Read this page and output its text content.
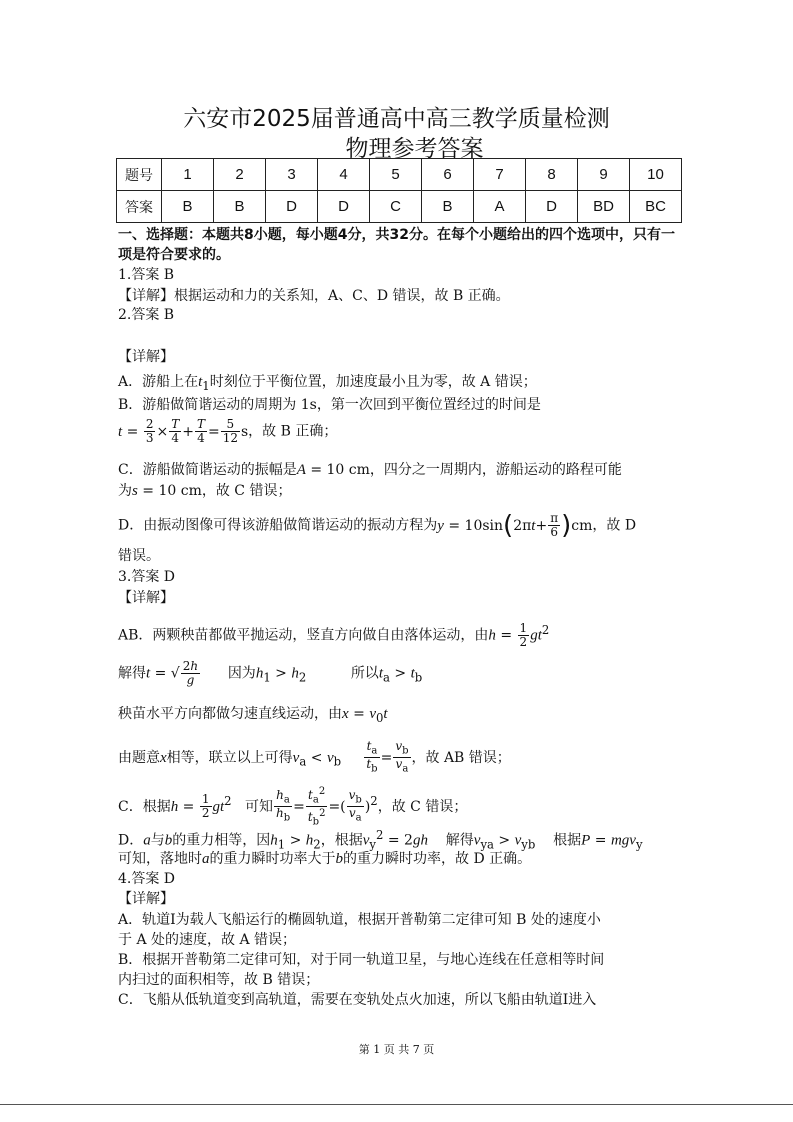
六安市2025届普通高中高三教学质量检测
物理参考答案
题号	1	2	3	4	5	6	7	8	9	10
答案	B	B	D	D	C	B	A	D	BD	BC
一、选择题：本题共8小题，每小题4分，共32分。在每个小题给出的四个选项中，只有一项是符合要求的。
1.答案 B
【详解】根据运动和力的关系知，A、C、D 错误，故 B 正确。
2.答案 B
【详解】
A．游船上在$t_1$时刻位于平衡位置，加速度最小且为零，故 A 错误；
B．游船做简谐运动的周期为 1s，第一次回到平衡位置经过的时间是
$t = \frac{2}{3} \times \frac{T}{4} + \frac{T}{4} = \frac{5}{12}$ s，故 B 正确；
C．游船做简谐运动的振幅是A = 10 cm，四分之一周期内，游船运动的路程可能
为s = 10 cm，故 C 错误；
D．由振动图像可得该游船做简谐运动的振动方程为$y = 10\sin(2\pi t+ \frac{\pi}{6} )cm$，故 D
错误。
3.答案 D
【详解】
AB．两颗秧苗都做平抛运动，竖直方向做自由落体运动，由$h = \frac{1}{2} gt^2$
解得t = √ $\frac{2h}{g}$ 因为$h_1 > h_2$	所以$t_a > t_b$
秧苗水平方向都做匀速直线运动，由$x = v_0t$
由题意x相等，联立以上可得$v_a < v_b \frac{t_a}{t_b} = \frac{v_b}{v_a}$ ，故 AB 错误；
C．根据$h = \frac{1}{2} gt^2$ 可知 $\frac{h_a}{h_b} = \frac{t_a^2}{t_b^2}$ =( $\frac{v_b}{v_a} )^2$，故 C 错误；
D．a与b的重力相等，因$h_1 > h_2$，根据$v_y^2 = 2gh$ 解得$v_{ya} > v_{yb}$ 根据P = mgv$_y$
可知，落地时a的重力瞬时功率大于b的重力瞬时功率，故 D 正确。
4.答案 D
【详解】
A．轨道Ⅰ为载人飞船运行的椭圆轨道，根据开普勒第二定律可知 B 处的速度小
于 A 处的速度，故 A 错误；
B．根据开普勒第二定律可知，对于同一轨道卫星，与地心连线在任意相等时间
内扫过的面积相等，故 B 错误；
C．飞船从低轨道变到高轨道，需要在变轨处点火加速，所以飞船由轨道Ⅰ进入
第 1 页 共 7 页
